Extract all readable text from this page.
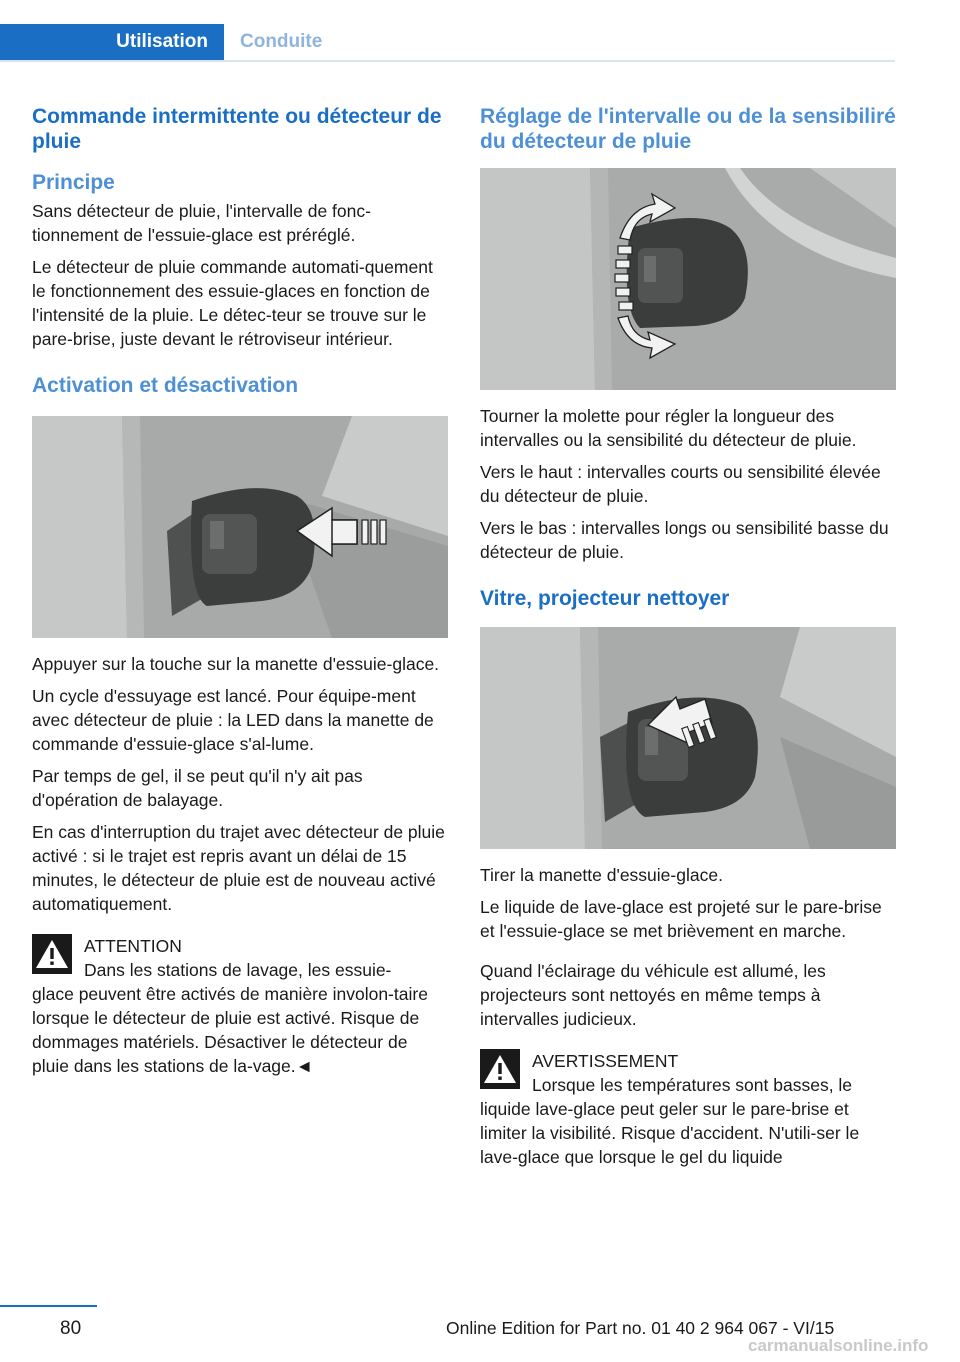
Utilisation	Conduite
Commande intermittente ou détecteur de pluie
Principe

Sans détecteur de pluie, l'intervalle de fonc‐tionnement de l'essuie-glace est préréglé.

Le détecteur de pluie commande automati‐quement le fonctionnement des essuie-glaces en fonction de l'intensité de la pluie. Le détec‐teur se trouve sur le pare-brise, juste devant le rétroviseur intérieur.

Activation et désactivation

Appuyer sur la touche sur la manette d'essuie-glace.

Un cycle d'essuyage est lancé. Pour équipe‐ment avec détecteur de pluie : la LED dans la manette de commande d'essuie-glace s'al‐lume.

Par temps de gel, il se peut qu'il n'y ait pas d'opération de balayage.

En cas d'interruption du trajet avec détecteur de pluie activé : si le trajet est repris avant un délai de 15 minutes, le détecteur de pluie est de nouveau activé automatiquement.

ATTENTION
Dans les stations de lavage, les essuie-
glace peuvent être activés de manière involon‐taire lorsque le détecteur de pluie est activé. Risque de dommages matériels. Désactiver le détecteur de pluie dans les stations de la‐vage.◄
Réglage de l'intervalle ou de la sensibiliré du détecteur de pluie

Tourner la molette pour régler la longueur des intervalles ou la sensibilité du détecteur de pluie.

Vers le haut : intervalles courts ou sensibilité élevée du détecteur de pluie.

Vers le bas : intervalles longs ou sensibilité basse du détecteur de pluie.

Vitre, projecteur nettoyer

Tirer la manette d'essuie-glace.

Le liquide de lave-glace est projeté sur le pare-brise et l'essuie-glace se met brièvement en marche.

Quand l'éclairage du véhicule est allumé, les projecteurs sont nettoyés en même temps à intervalles judicieux.

AVERTISSEMENT
Lorsque les températures sont basses, le
liquide lave-glace peut geler sur le pare-brise et limiter la visibilité. Risque d'accident. N'utili‐ser le lave-glace que lorsque le gel du liquide
80	Online Edition for Part no. 01 40 2 964 067 - VI/15
carmanualsonline.info
